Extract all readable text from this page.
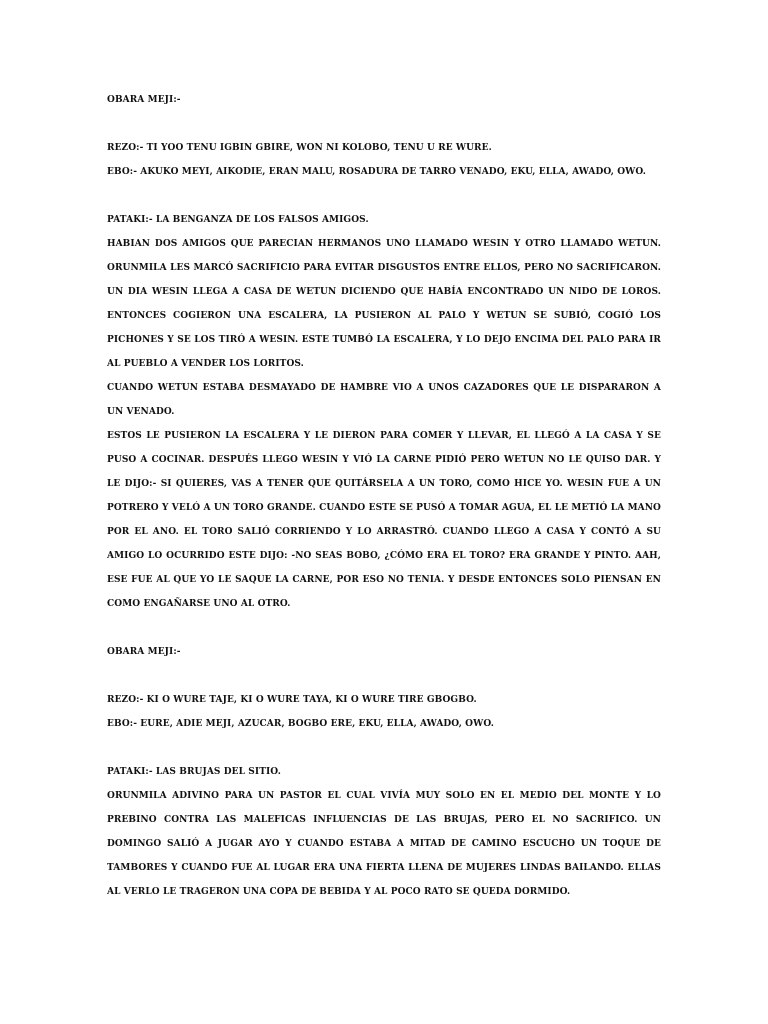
OBARA MEJI:-
REZO:- TI YOO TENU IGBIN GBIRE, WON NI KOLOBO, TENU U RE WURE.
EBO:- AKUKO MEYI, AIKODIE, ERAN MALU, ROSADURA DE TARRO VENADO, EKU, ELLA, AWADO, OWO.
PATAKI:- LA BENGANZA DE LOS FALSOS AMIGOS.
HABIAN DOS AMIGOS QUE PARECIAN HERMANOS UNO LLAMADO WESIN Y OTRO LLAMADO WETUN. ORUNMILA LES MARCÓ SACRIFICIO PARA EVITAR DISGUSTOS ENTRE ELLOS, PERO NO SACRIFICARON. UN DIA WESIN LLEGA A CASA DE WETUN DICIENDO QUE HABÍA ENCONTRADO UN NIDO DE LOROS. ENTONCES COGIERON UNA ESCALERA, LA PUSIERON AL PALO Y WETUN SE SUBIÓ, COGIÓ LOS PICHONES Y SE LOS TIRÓ A WESIN. ESTE TUMBÓ LA ESCALERA, Y LO DEJO ENCIMA DEL PALO PARA IR AL PUEBLO A VENDER LOS LORITOS.
CUANDO WETUN ESTABA DESMAYADO DE HAMBRE VIO A UNOS CAZADORES QUE LE DISPARARON A UN VENADO.
ESTOS LE PUSIERON LA ESCALERA Y LE DIERON PARA COMER Y LLEVAR, EL LLEGÓ A LA CASA Y SE PUSO A COCINAR. DESPUÉS LLEGO WESIN Y VIÓ LA CARNE PIDIÓ PERO WETUN NO LE QUISO DAR. Y LE DIJO:- SI QUIERES, VAS A TENER QUE QUITÁRSELA A UN TORO, COMO HICE YO. WESIN FUE A UN POTRERO Y VELÓ A UN TORO GRANDE. CUANDO ESTE SE PUSÓ A TOMAR AGUA, EL LE METIÓ LA MANO POR EL ANO. EL TORO SALIÓ CORRIENDO Y LO ARRASTRÓ. CUANDO LLEGO A CASA Y CONTÓ A SU AMIGO LO OCURRIDO ESTE DIJO: -NO SEAS BOBO, ¿CÓMO ERA EL TORO? ERA GRANDE Y PINTO. AAH, ESE FUE AL QUE YO LE SAQUE LA CARNE, POR ESO NO TENIA. Y DESDE ENTONCES SOLO PIENSAN EN COMO ENGAÑARSE UNO AL OTRO.
OBARA MEJI:-
REZO:- KI O WURE TAJE, KI O WURE TAYA, KI O WURE TIRE GBOGBO.
EBO:- EURE, ADIE MEJI, AZUCAR, BOGBO ERE, EKU, ELLA, AWADO, OWO.
PATAKI:- LAS BRUJAS DEL SITIO.
ORUNMILA ADIVINO PARA UN PASTOR EL CUAL VIVÍA MUY SOLO EN EL MEDIO DEL MONTE Y LO PREBINO CONTRA LAS MALEFICAS INFLUENCIAS DE LAS BRUJAS, PERO EL NO SACRIFICO. UN DOMINGO SALIÓ A JUGAR AYO Y CUANDO ESTABA A MITAD DE CAMINO ESCUCHO UN TOQUE DE TAMBORES Y CUANDO FUE AL LUGAR ERA UNA FIERTA LLENA DE MUJERES LINDAS BAILANDO. ELLAS AL VERLO LE TRAGERON UNA COPA DE BEBIDA Y AL POCO RATO SE QUEDA DORMIDO.
